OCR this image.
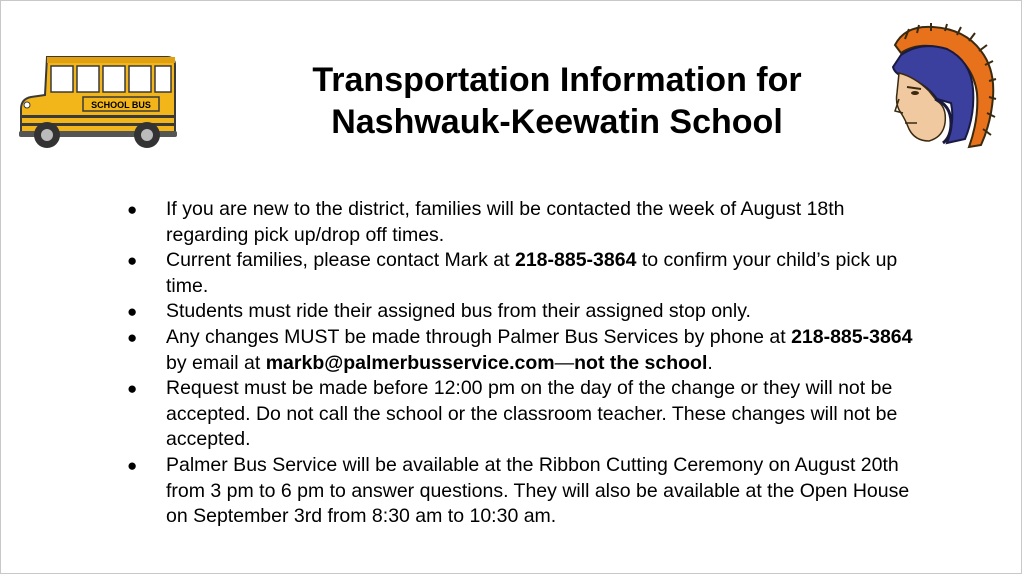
SCHOOL BUS
Transportation Information for
Nashwauk-Keewatin School
● If you are new to the district, families will be contacted the week of August 18th regarding pick up/drop off times.
● Current families, please contact Mark at 218-885-3864 to confirm your child’s pick up time.
● Students must ride their assigned bus from their assigned stop only.
● Any changes MUST be made through Palmer Bus Services by phone at 218-885-3864 by email at markb@palmerbusservice.com—not the school.
● Request must be made before 12:00 pm on the day of the change or they will not be accepted. Do not call the school or the classroom teacher. These changes will not be accepted.
● Palmer Bus Service will be available at the Ribbon Cutting Ceremony on August 20th from 3 pm to 6 pm to answer questions. They will also be available at the Open House on September 3rd from 8:30 am to 10:30 am.
